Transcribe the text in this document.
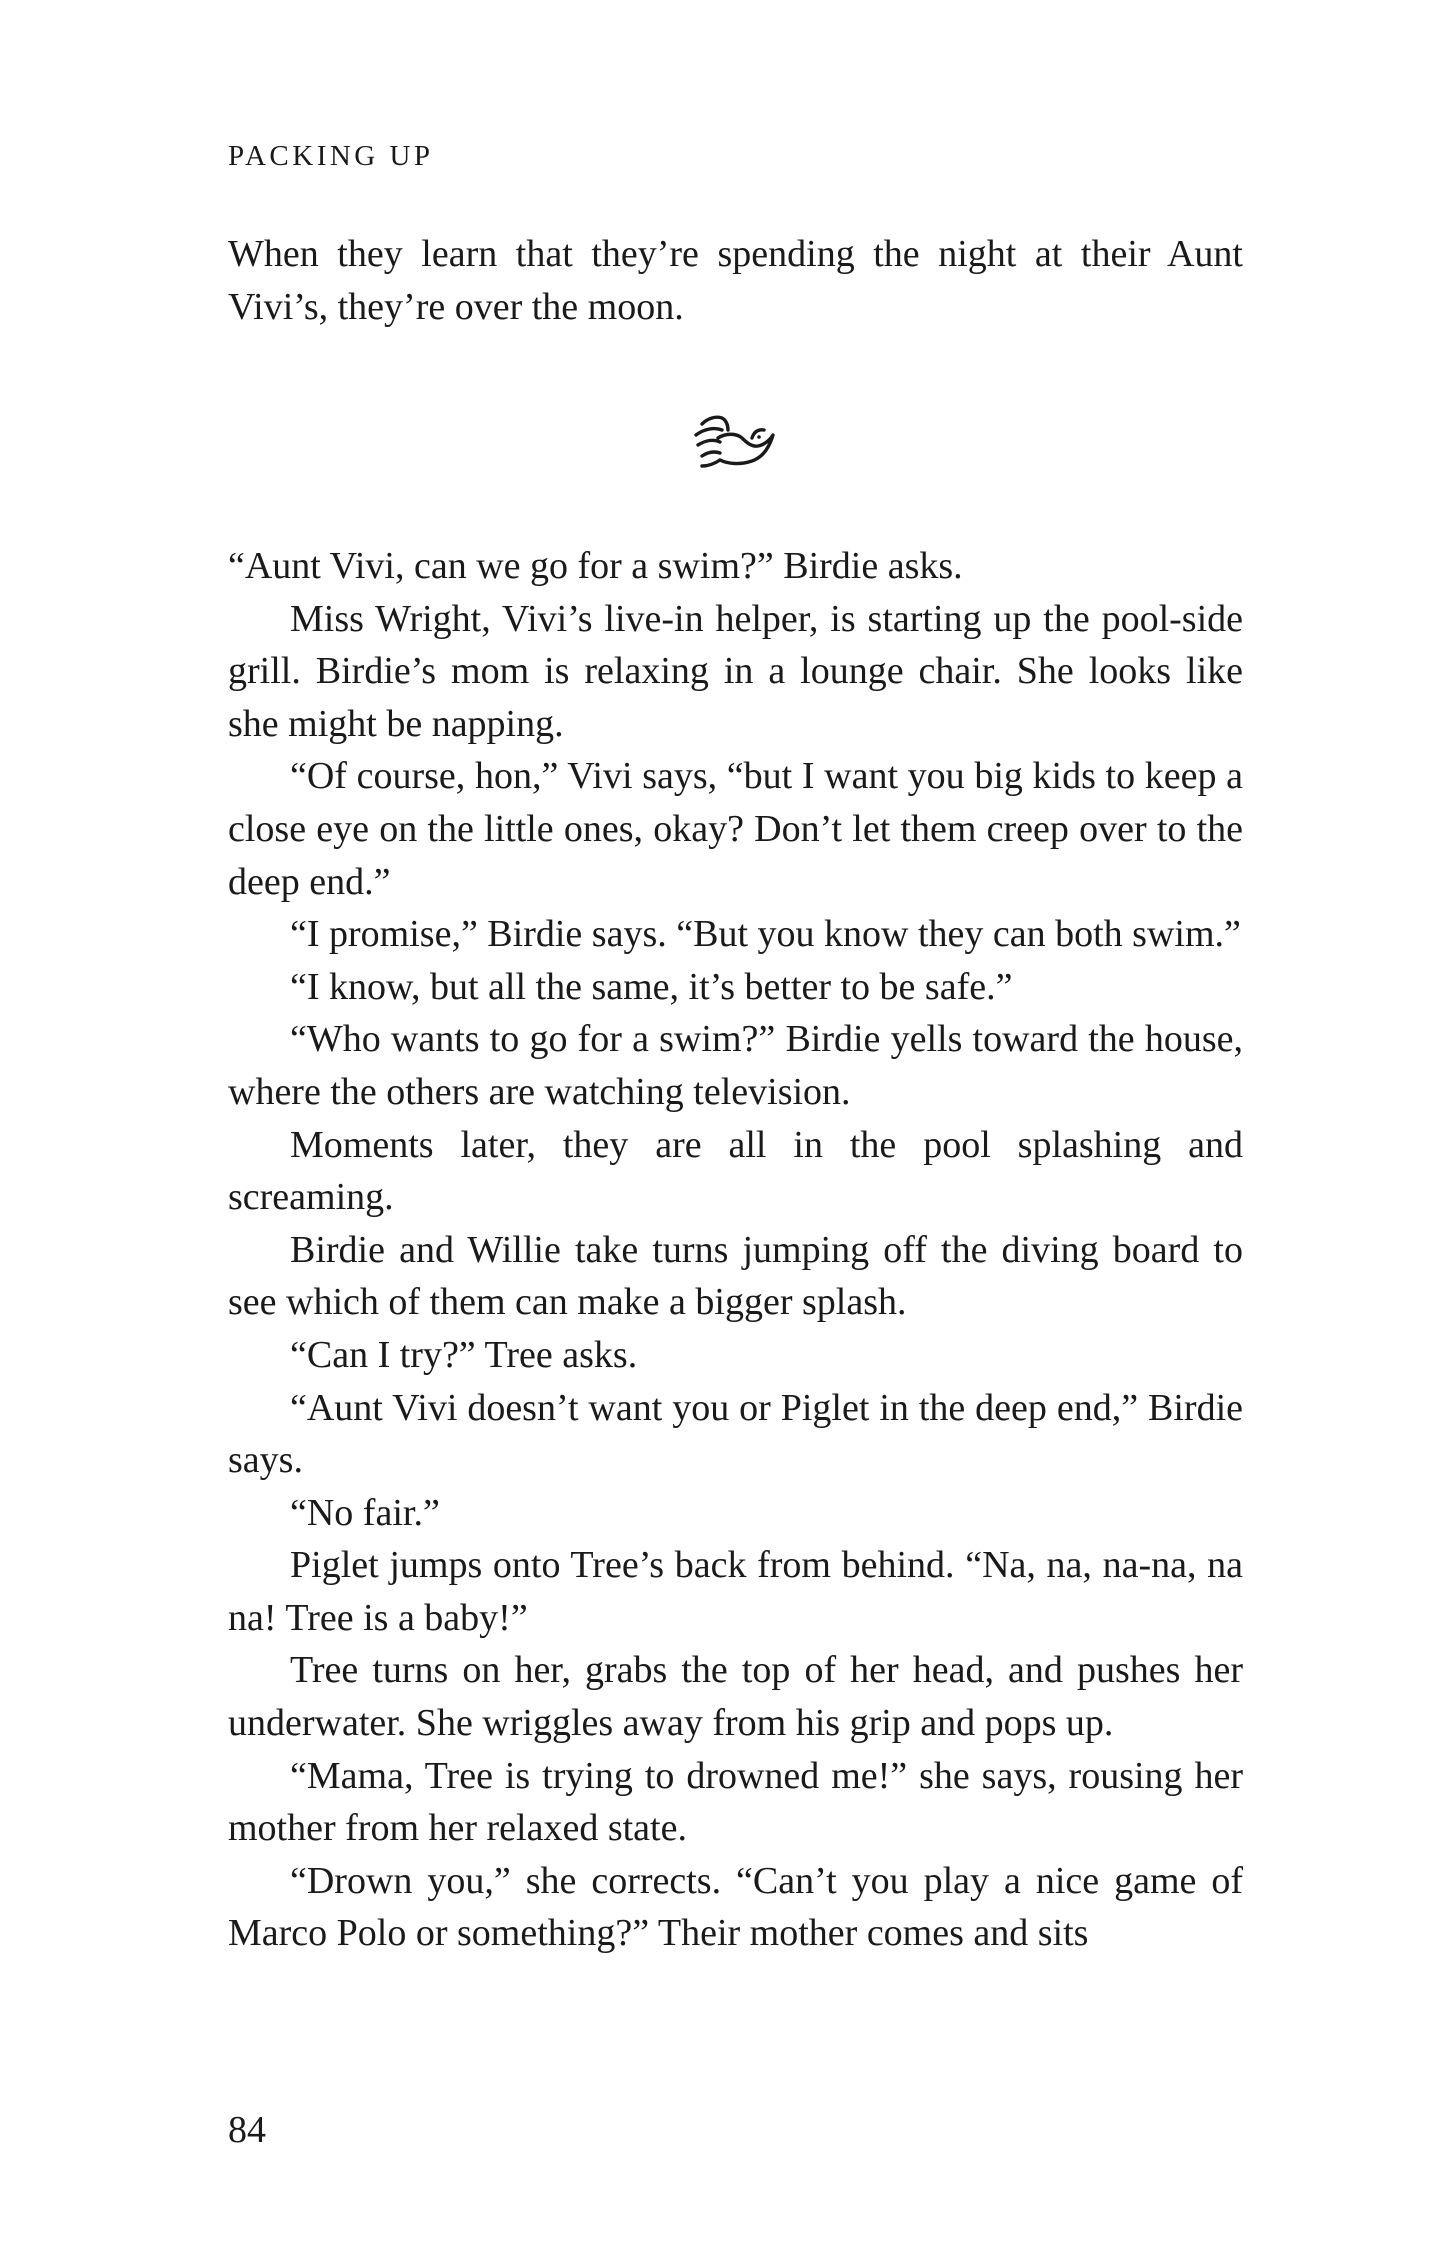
PACKING UP

When they learn that they’re spending the night at their Aunt Vivi’s, they’re over the moon.

“Aunt Vivi, can we go for a swim?” Birdie asks.

Miss Wright, Vivi’s live-in helper, is starting up the pool-side grill. Birdie’s mom is relaxing in a lounge chair. She looks like she might be napping.

“Of course, hon,” Vivi says, “but I want you big kids to keep a close eye on the little ones, okay? Don’t let them creep over to the deep end.”

“I promise,” Birdie says. “But you know they can both swim.”

“I know, but all the same, it’s better to be safe.”

“Who wants to go for a swim?” Birdie yells toward the house, where the others are watching television.

Moments later, they are all in the pool splashing and screaming.

Birdie and Willie take turns jumping off the diving board to see which of them can make a bigger splash.

“Can I try?” Tree asks.

“Aunt Vivi doesn’t want you or Piglet in the deep end,” Birdie says.

“No fair.”

Piglet jumps onto Tree’s back from behind. “Na, na, na-na, na na! Tree is a baby!”

Tree turns on her, grabs the top of her head, and pushes her underwater. She wriggles away from his grip and pops up.

“Mama, Tree is trying to drowned me!” she says, rousing her mother from her relaxed state.

“Drown you,” she corrects. “Can’t you play a nice game of Marco Polo or something?” Their mother comes and sits

84
